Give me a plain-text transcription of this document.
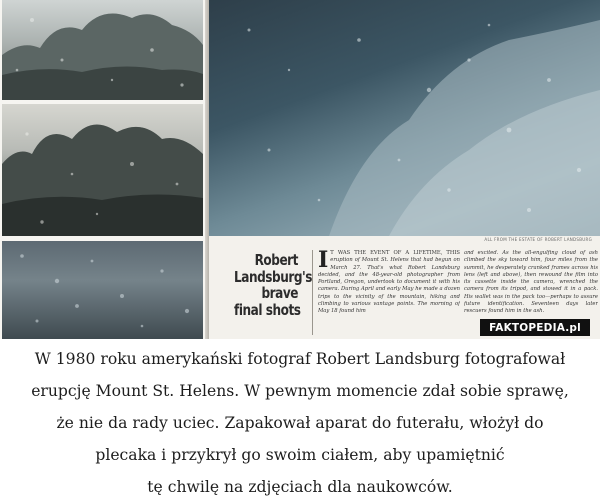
ALL FROM THE ESTATE OF ROBERT LANDSBURG
Robert
Landsburg's
brave
final shots
I T WAS THE EVENT OF A LIFETIME, THIS eruption of Mount St. Helens that had begun on March 27. That's what Robert Landsburg decided, and the 48-year-old photographer from Portland, Oregon, undertook to document it with his camera. During April and early May he made a dozen trips to the vicinity of the mountain, hiking and climbing to various vantage points. The morning of May 18 found him
and excited. As the all-engulfing cloud of ash climbed the sky toward him, four miles from the summit, he desperately cranked frames across his lens (left and above), then rewound the film into its cassette inside the camera, wrenched the camera from its tripod, and stowed it in a pack. His wallet was in the pack too—perhaps to assure future identification. Seventeen days later rescuers found him in the ash.
FAKTOPEDIA.pl
W 1980 roku amerykański fotograf Robert Landsburg fotografował
erupcję Mount St. Helens. W pewnym momencie zdał sobie sprawę,
że nie da rady uciec. Zapakował aparat do futerału, włożył do
plecaka i przykrył go swoim ciałem, aby upamiętnić
tę chwilę na zdjęciach dla naukowców.
